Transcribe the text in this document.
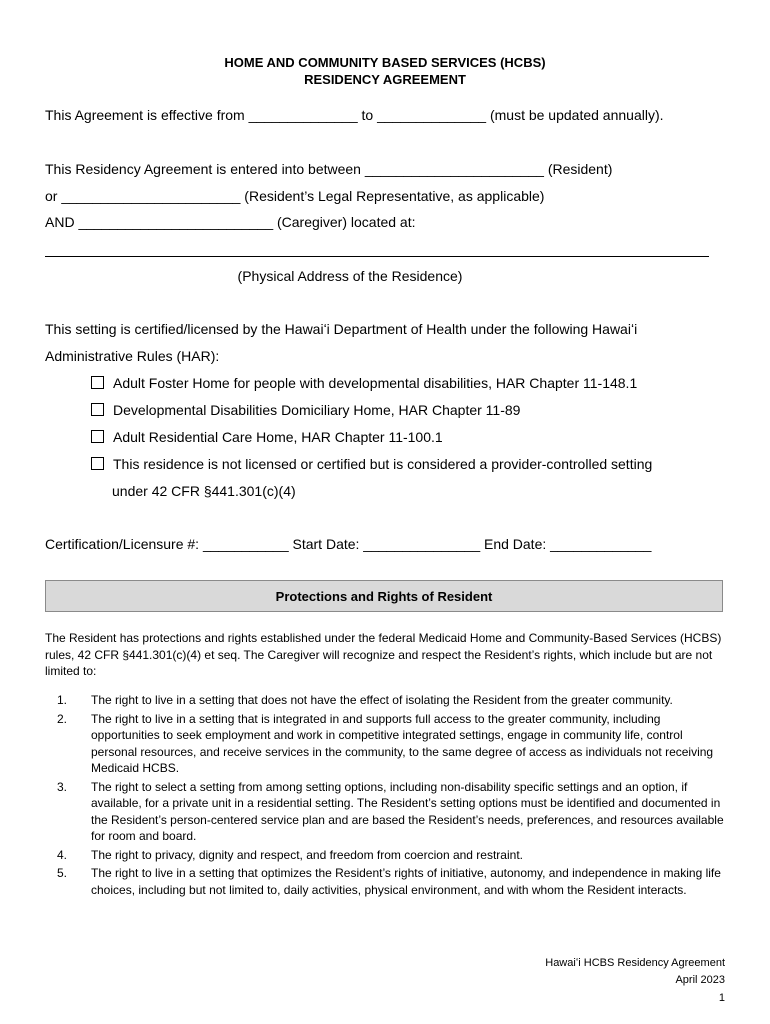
HOME AND COMMUNITY BASED SERVICES (HCBS)
RESIDENCY AGREEMENT
This Agreement is effective from ______________ to ______________ (must be updated annually).
This Residency Agreement is entered into between _______________________ (Resident)
or _______________________ (Resident’s Legal Representative, as applicable)
AND _________________________ (Caregiver) located at:
(Physical Address of the Residence)
This setting is certified/licensed by the Hawaiʻi Department of Health under the following Hawaiʻi
Administrative Rules (HAR):
Adult Foster Home for people with developmental disabilities, HAR Chapter 11-148.1
Developmental Disabilities Domiciliary Home, HAR Chapter 11-89
Adult Residential Care Home, HAR Chapter 11-100.1
This residence is not licensed or certified but is considered a provider-controlled setting
under 42 CFR §441.301(c)(4)
Certification/Licensure #: ___________ Start Date: _______________ End Date: _____________
Protections and Rights of Resident
The Resident has protections and rights established under the federal Medicaid Home and Community-Based Services (HCBS) rules, 42 CFR §441.301(c)(4) et seq. The Caregiver will recognize and respect the Resident’s rights, which include but are not limited to:
1. The right to live in a setting that does not have the effect of isolating the Resident from the greater community.
2. The right to live in a setting that is integrated in and supports full access to the greater community, including opportunities to seek employment and work in competitive integrated settings, engage in community life, control personal resources, and receive services in the community, to the same degree of access as individuals not receiving Medicaid HCBS.
3. The right to select a setting from among setting options, including non-disability specific settings and an option, if available, for a private unit in a residential setting. The Resident’s setting options must be identified and documented in the Resident’s person-centered service plan and are based the Resident’s needs, preferences, and resources available for room and board.
4. The right to privacy, dignity and respect, and freedom from coercion and restraint.
5. The right to live in a setting that optimizes the Resident’s rights of initiative, autonomy, and independence in making life choices, including but not limited to, daily activities, physical environment, and with whom the Resident interacts.
Hawaiʻi HCBS Residency Agreement
April 2023
1
